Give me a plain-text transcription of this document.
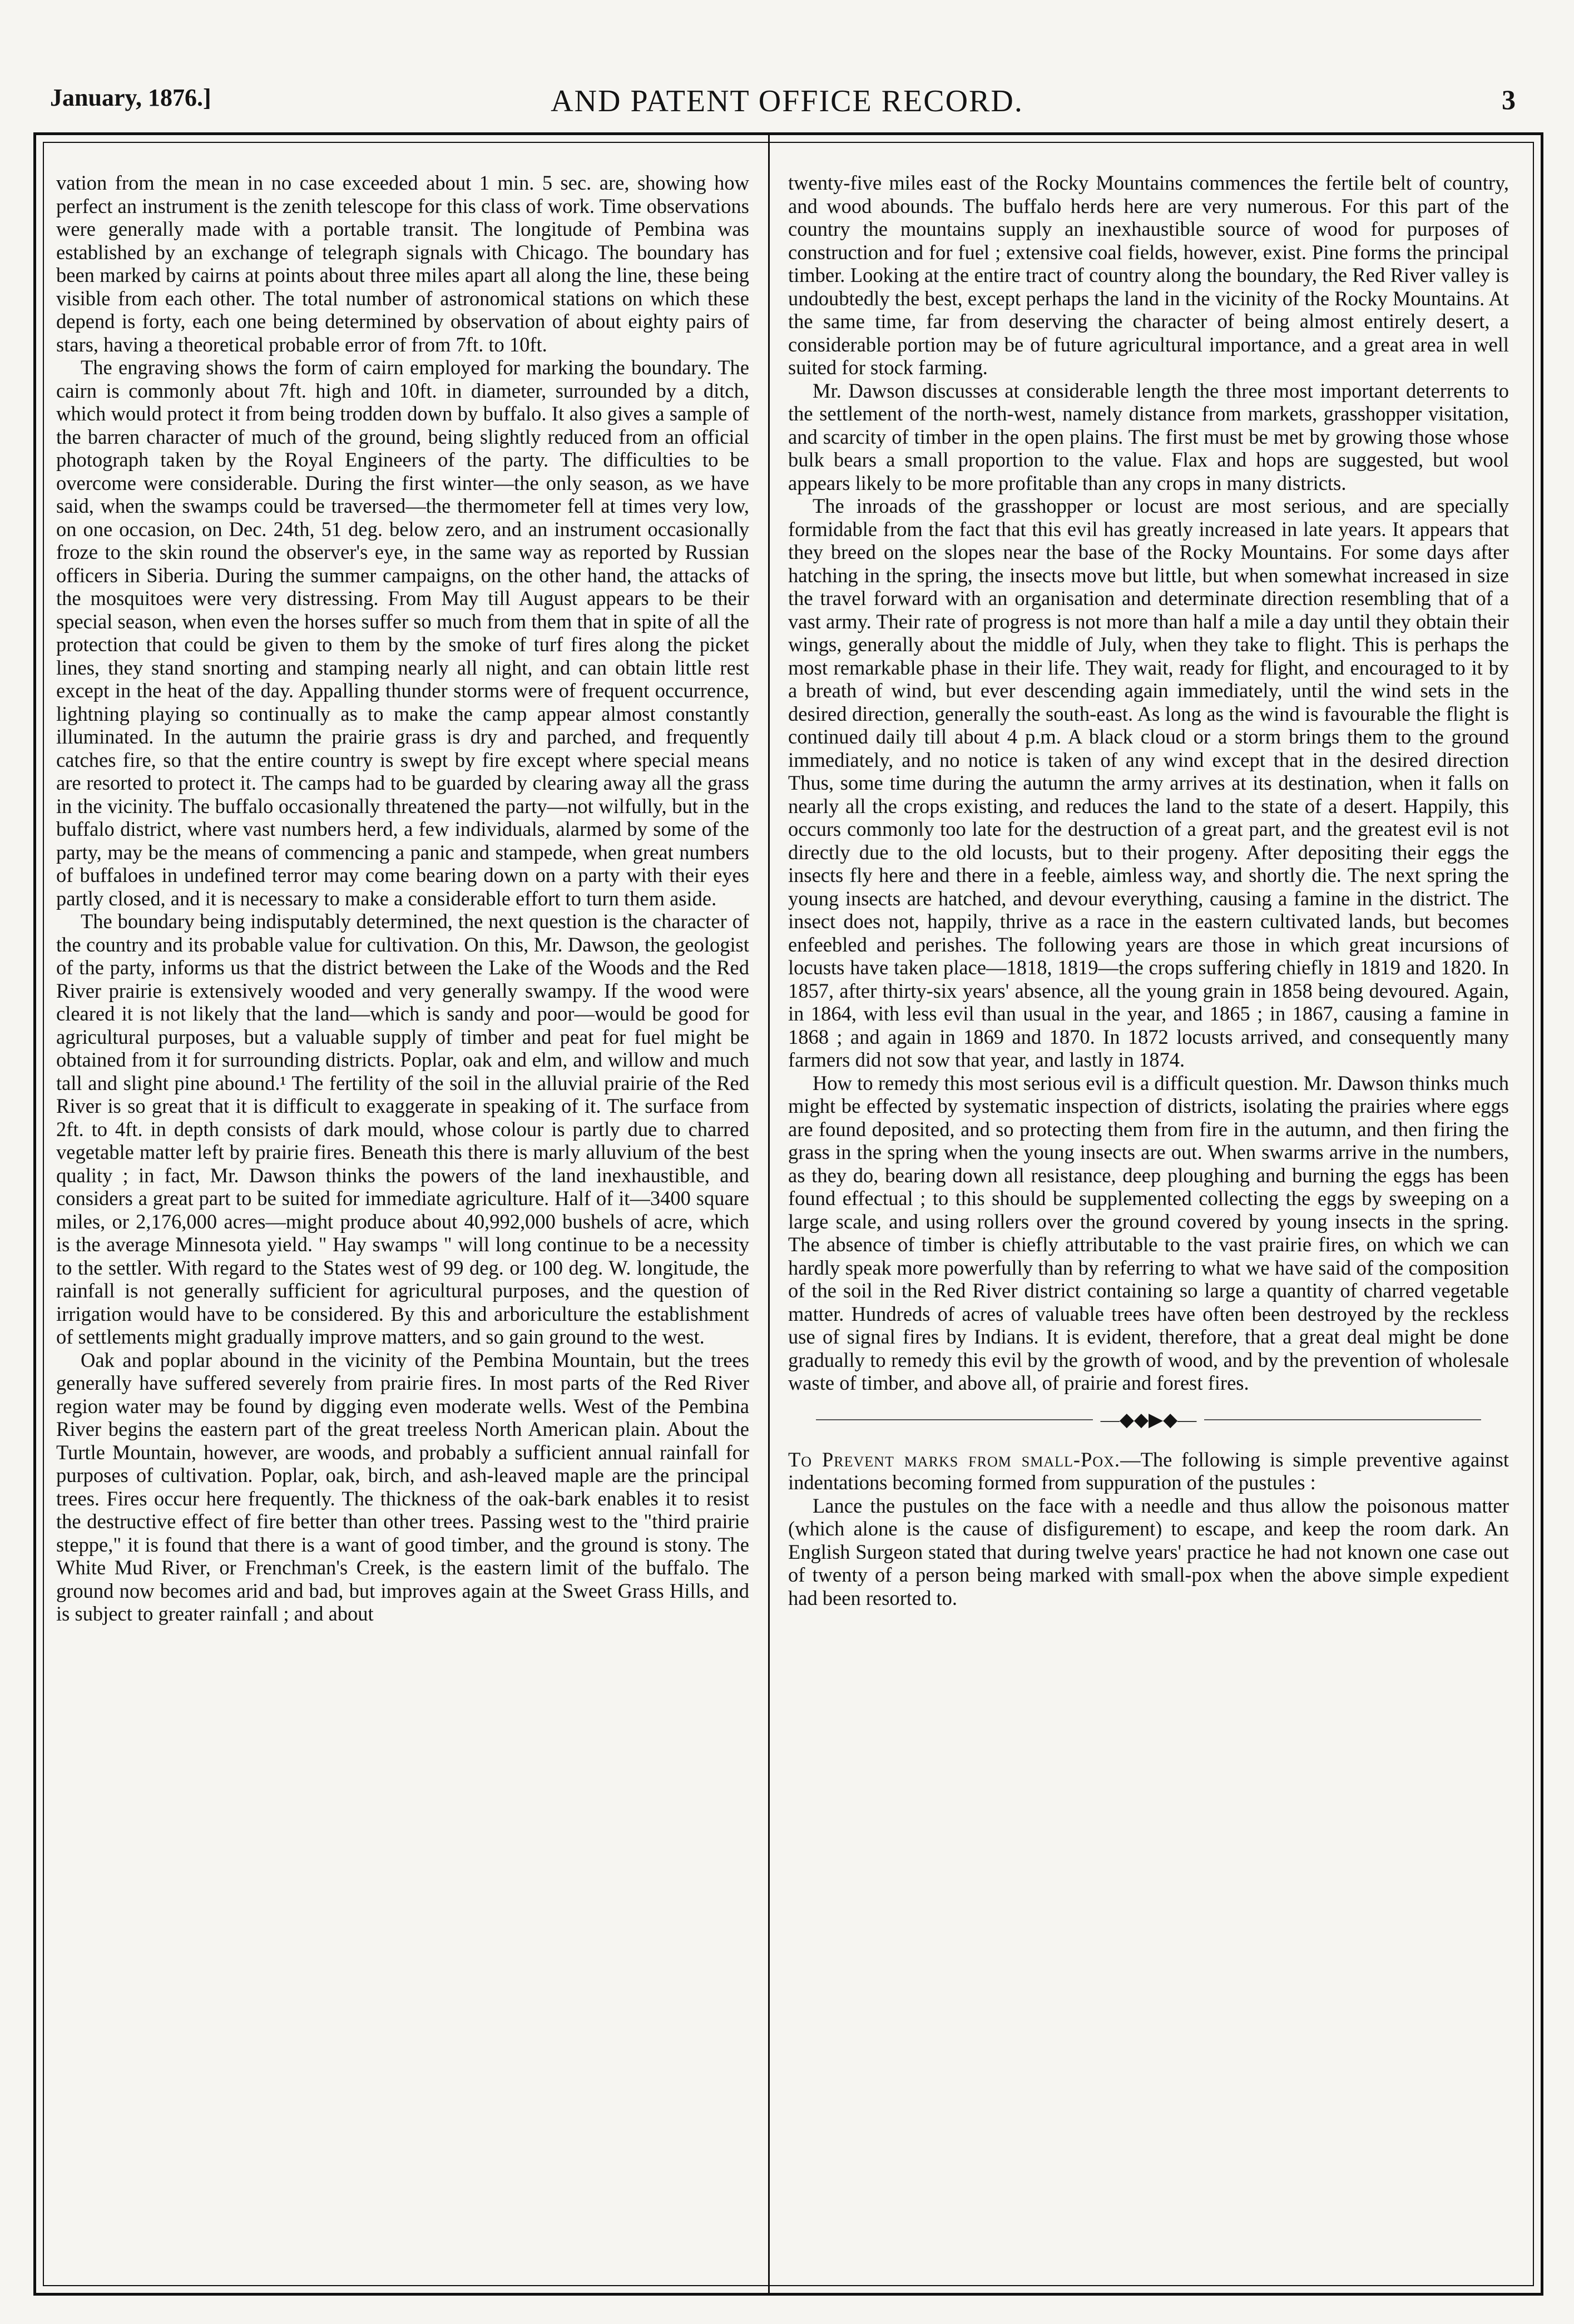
January, 1876.]	AND PATENT OFFICE RECORD.	3

vation from the mean in no case exceeded about 1 min. 5 sec. are, showing how perfect an instrument is the zenith telescope for this class of work. Time observations were generally made with a portable transit. The longitude of Pembina was established by an exchange of telegraph signals with Chicago. The boundary has been marked by cairns at points about three miles apart all along the line, these being visible from each other. The total number of astronomical stations on which these depend is forty, each one being determined by observation of about eighty pairs of stars, having a theoretical probable error of from 7ft. to 10ft.

The engraving shows the form of cairn employed for marking the boundary. The cairn is commonly about 7ft. high and 10ft. in diameter, surrounded by a ditch, which would protect it from being trodden down by buffalo. It also gives a sample of the barren character of much of the ground, being slightly reduced from an official photograph taken by the Royal Engineers of the party. The difficulties to be overcome were considerable. During the first winter—the only season, as we have said, when the swamps could be traversed—the thermometer fell at times very low, on one occasion, on Dec. 24th, 51 deg. below zero, and an instrument occasionally froze to the skin round the observer's eye, in the same way as reported by Russian officers in Siberia. During the summer campaigns, on the other hand, the attacks of the mosquitoes were very distressing. From May till August appears to be their special season, when even the horses suffer so much from them that in spite of all the protection that could be given to them by the smoke of turf fires along the picket lines, they stand snorting and stamping nearly all night, and can obtain little rest except in the heat of the day. Appalling thunder storms were of frequent occurrence, lightning playing so continually as to make the camp appear almost constantly illuminated. In the autumn the prairie grass is dry and parched, and frequently catches fire, so that the entire country is swept by fire except where special means are resorted to protect it. The camps had to be guarded by clearing away all the grass in the vicinity. The buffalo occasionally threatened the party—not wilfully, but in the buffalo district, where vast numbers herd, a few individuals, alarmed by some of the party, may be the means of commencing a panic and stampede, when great numbers of buffaloes in undefined terror may come bearing down on a party with their eyes partly closed, and it is necessary to make a considerable effort to turn them aside.

The boundary being indisputably determined, the next question is the character of the country and its probable value for cultivation. On this, Mr. Dawson, the geologist of the party, informs us that the district between the Lake of the Woods and the Red River prairie is extensively wooded and very generally swampy. If the wood were cleared it is not likely that the land—which is sandy and poor—would be good for agricultural purposes, but a valuable supply of timber and peat for fuel might be obtained from it for surrounding districts. Poplar, oak and elm, and willow and much tall and slight pine abound.¹ The fertility of the soil in the alluvial prairie of the Red River is so great that it is difficult to exaggerate in speaking of it. The surface from 2ft. to 4ft. in depth consists of dark mould, whose colour is partly due to charred vegetable matter left by prairie fires. Beneath this there is marly alluvium of the best quality ; in fact, Mr. Dawson thinks the powers of the land inexhaustible, and considers a great part to be suited for immediate agriculture. Half of it—3400 square miles, or 2,176,000 acres—might produce about 40,992,000 bushels of acre, which is the average Minnesota yield. " Hay swamps " will long continue to be a necessity to the settler. With regard to the States west of 99 deg. or 100 deg. W. longitude, the rainfall is not generally sufficient for agricultural purposes, and the question of irrigation would have to be considered. By this and arboriculture the establishment of settlements might gradually improve matters, and so gain ground to the west.

Oak and poplar abound in the vicinity of the Pembina Mountain, but the trees generally have suffered severely from prairie fires. In most parts of the Red River region water may be found by digging even moderate wells. West of the Pembina River begins the eastern part of the great treeless North American plain. About the Turtle Mountain, however, are woods, and probably a sufficient annual rainfall for purposes of cultivation. Poplar, oak, birch, and ash-leaved maple are the principal trees. Fires occur here frequently. The thickness of the oak-bark enables it to resist the destructive effect of fire better than other trees. Passing west to the "third prairie steppe," it is found that there is a want of good timber, and the ground is stony. The White Mud River, or Frenchman's Creek, is the eastern limit of the buffalo. The ground now becomes arid and bad, but improves again at the Sweet Grass Hills, and is subject to greater rainfall ; and about

twenty-five miles east of the Rocky Mountains commences the fertile belt of country, and wood abounds. The buffalo herds here are very numerous. For this part of the country the mountains supply an inexhaustible source of wood for purposes of construction and for fuel ; extensive coal fields, however, exist. Pine forms the principal timber. Looking at the entire tract of country along the boundary, the Red River valley is undoubtedly the best, except perhaps the land in the vicinity of the Rocky Mountains. At the same time, far from deserving the character of being almost entirely desert, a considerable portion may be of future agricultural importance, and a great area in well suited for stock farming.

Mr. Dawson discusses at considerable length the three most important deterrents to the settlement of the north-west, namely distance from markets, grasshopper visitation, and scarcity of timber in the open plains. The first must be met by growing those whose bulk bears a small proportion to the value. Flax and hops are suggested, but wool appears likely to be more profitable than any crops in many districts.

The inroads of the grasshopper or locust are most serious, and are specially formidable from the fact that this evil has greatly increased in late years. It appears that they breed on the slopes near the base of the Rocky Mountains. For some days after hatching in the spring, the insects move but little, but when somewhat increased in size the travel forward with an organisation and determinate direction resembling that of a vast army. Their rate of progress is not more than half a mile a day until they obtain their wings, generally about the middle of July, when they take to flight. This is perhaps the most remarkable phase in their life. They wait, ready for flight, and encouraged to it by a breath of wind, but ever descending again immediately, until the wind sets in the desired direction, generally the south-east. As long as the wind is favourable the flight is continued daily till about 4 p.m. A black cloud or a storm brings them to the ground immediately, and no notice is taken of any wind except that in the desired direction Thus, some time during the autumn the army arrives at its destination, when it falls on nearly all the crops existing, and reduces the land to the state of a desert. Happily, this occurs commonly too late for the destruction of a great part, and the greatest evil is not directly due to the old locusts, but to their progeny. After depositing their eggs the insects fly here and there in a feeble, aimless way, and shortly die. The next spring the young insects are hatched, and devour everything, causing a famine in the district. The insect does not, happily, thrive as a race in the eastern cultivated lands, but becomes enfeebled and perishes. The following years are those in which great incursions of locusts have taken place—1818, 1819—the crops suffering chiefly in 1819 and 1820. In 1857, after thirty-six years' absence, all the young grain in 1858 being devoured. Again, in 1864, with less evil than usual in the year, and 1865 ; in 1867, causing a famine in 1868 ; and again in 1869 and 1870. In 1872 locusts arrived, and consequently many farmers did not sow that year, and lastly in 1874.

How to remedy this most serious evil is a difficult question. Mr. Dawson thinks much might be effected by systematic inspection of districts, isolating the prairies where eggs are found deposited, and so protecting them from fire in the autumn, and then firing the grass in the spring when the young insects are out. When swarms arrive in the numbers, as they do, bearing down all resistance, deep ploughing and burning the eggs has been found effectual ; to this should be supplemented collecting the eggs by sweeping on a large scale, and using rollers over the ground covered by young insects in the spring. The absence of timber is chiefly attributable to the vast prairie fires, on which we can hardly speak more powerfully than by referring to what we have said of the composition of the soil in the Red River district containing so large a quantity of charred vegetable matter. Hundreds of acres of valuable trees have often been destroyed by the reckless use of signal fires by Indians. It is evident, therefore, that a great deal might be done gradually to remedy this evil by the growth of wood, and by the prevention of wholesale waste of timber, and above all, of prairie and forest fires.

—◆◆▶◆—

To Prevent marks from small-Pox.—The following is simple preventive against indentations becoming formed from suppuration of the pustules :

Lance the pustules on the face with a needle and thus allow the poisonous matter (which alone is the cause of disfigurement) to escape, and keep the room dark. An English Surgeon stated that during twelve years' practice he had not known one case out of twenty of a person being marked with small-pox when the above simple expedient had been resorted to.
